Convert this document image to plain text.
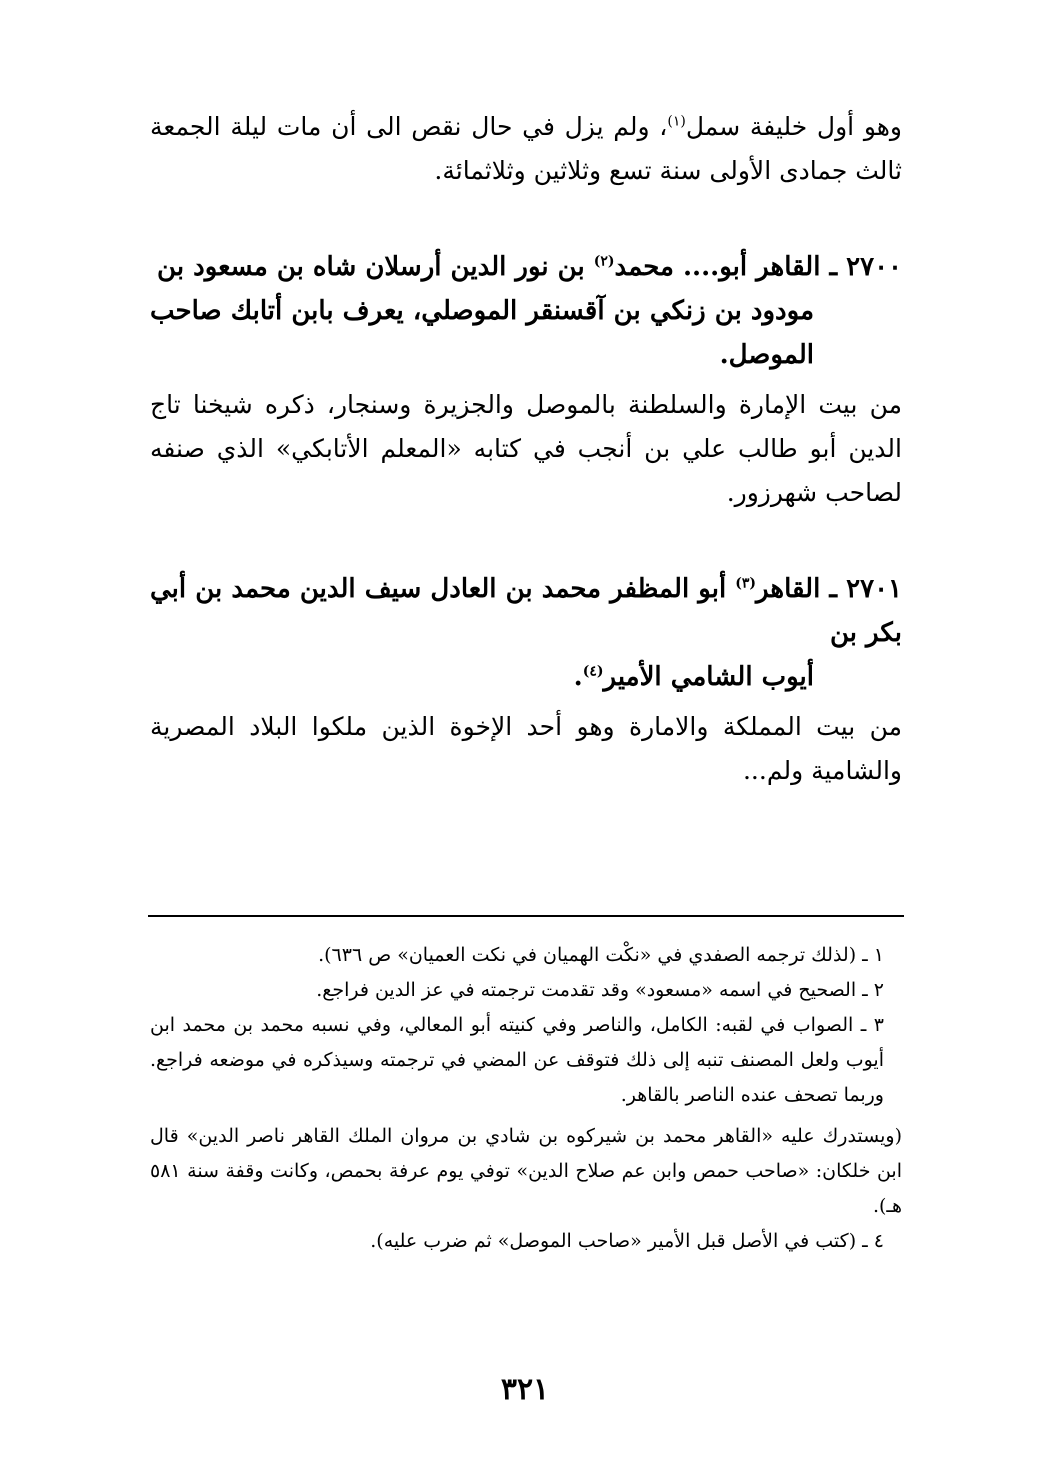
وهو أول خليفة سمل$^{(١)}$، ولم يزل في حال نقص الى أن مات ليلة الجمعة ثالث جمادى الأولى سنة تسع وثلاثين وثلاثمائة.

٢٧٠٠ ـ القاهر أبو.... محمد$^{(٢)}$ بن نور الدين أرسلان شاه بن مسعود بن
مودود بن زنكي بن آقسنقر الموصلي، يعرف بابن أتابك صاحب الموصل.

من بيت الإمارة والسلطنة بالموصل والجزيرة وسنجار، ذكره شيخنا تاج الدين أبو طالب علي بن أنجب في كتابه «المعلم الأتابكي» الذي صنفه لصاحب شهرزور.

٢٧٠١ ـ القاهر$^{(٣)}$ أبو المظفر محمد بن العادل سيف الدين محمد بن أبي بكر بن
أيوب الشامي الأمير$^{(٤)}$.

من بيت المملكة والامارة وهو أحد الإخوة الذين ملكوا البلاد المصرية والشامية ولم...

١ ـ (لذلك ترجمه الصفدي في «نكْت الهميان في نكت العميان» ص ٦٣٦).

٢ ـ الصحيح في اسمه «مسعود» وقد تقدمت ترجمته في عز الدين فراجع.

٣ ـ الصواب في لقبه: الكامل، والناصر وفي كنيته أبو المعالي، وفي نسبه محمد بن محمد ابن أيوب ولعل المصنف تنبه إلى ذلك فتوقف عن المضي في ترجمته وسيذكره في موضعه فراجع. وربما تصحف عنده الناصر بالقاهر.

(ويستدرك عليه «القاهر محمد بن شيركوه بن شادي بن مروان الملك القاهر ناصر الدين» قال ابن خلكان: «صاحب حمص وابن عم صلاح الدين» توفي يوم عرفة بحمص، وكانت وقفة سنة ٥٨١ هـ).

٤ ـ (كتب في الأصل قبل الأمير «صاحب الموصل» ثم ضرب عليه).

٣٢١
